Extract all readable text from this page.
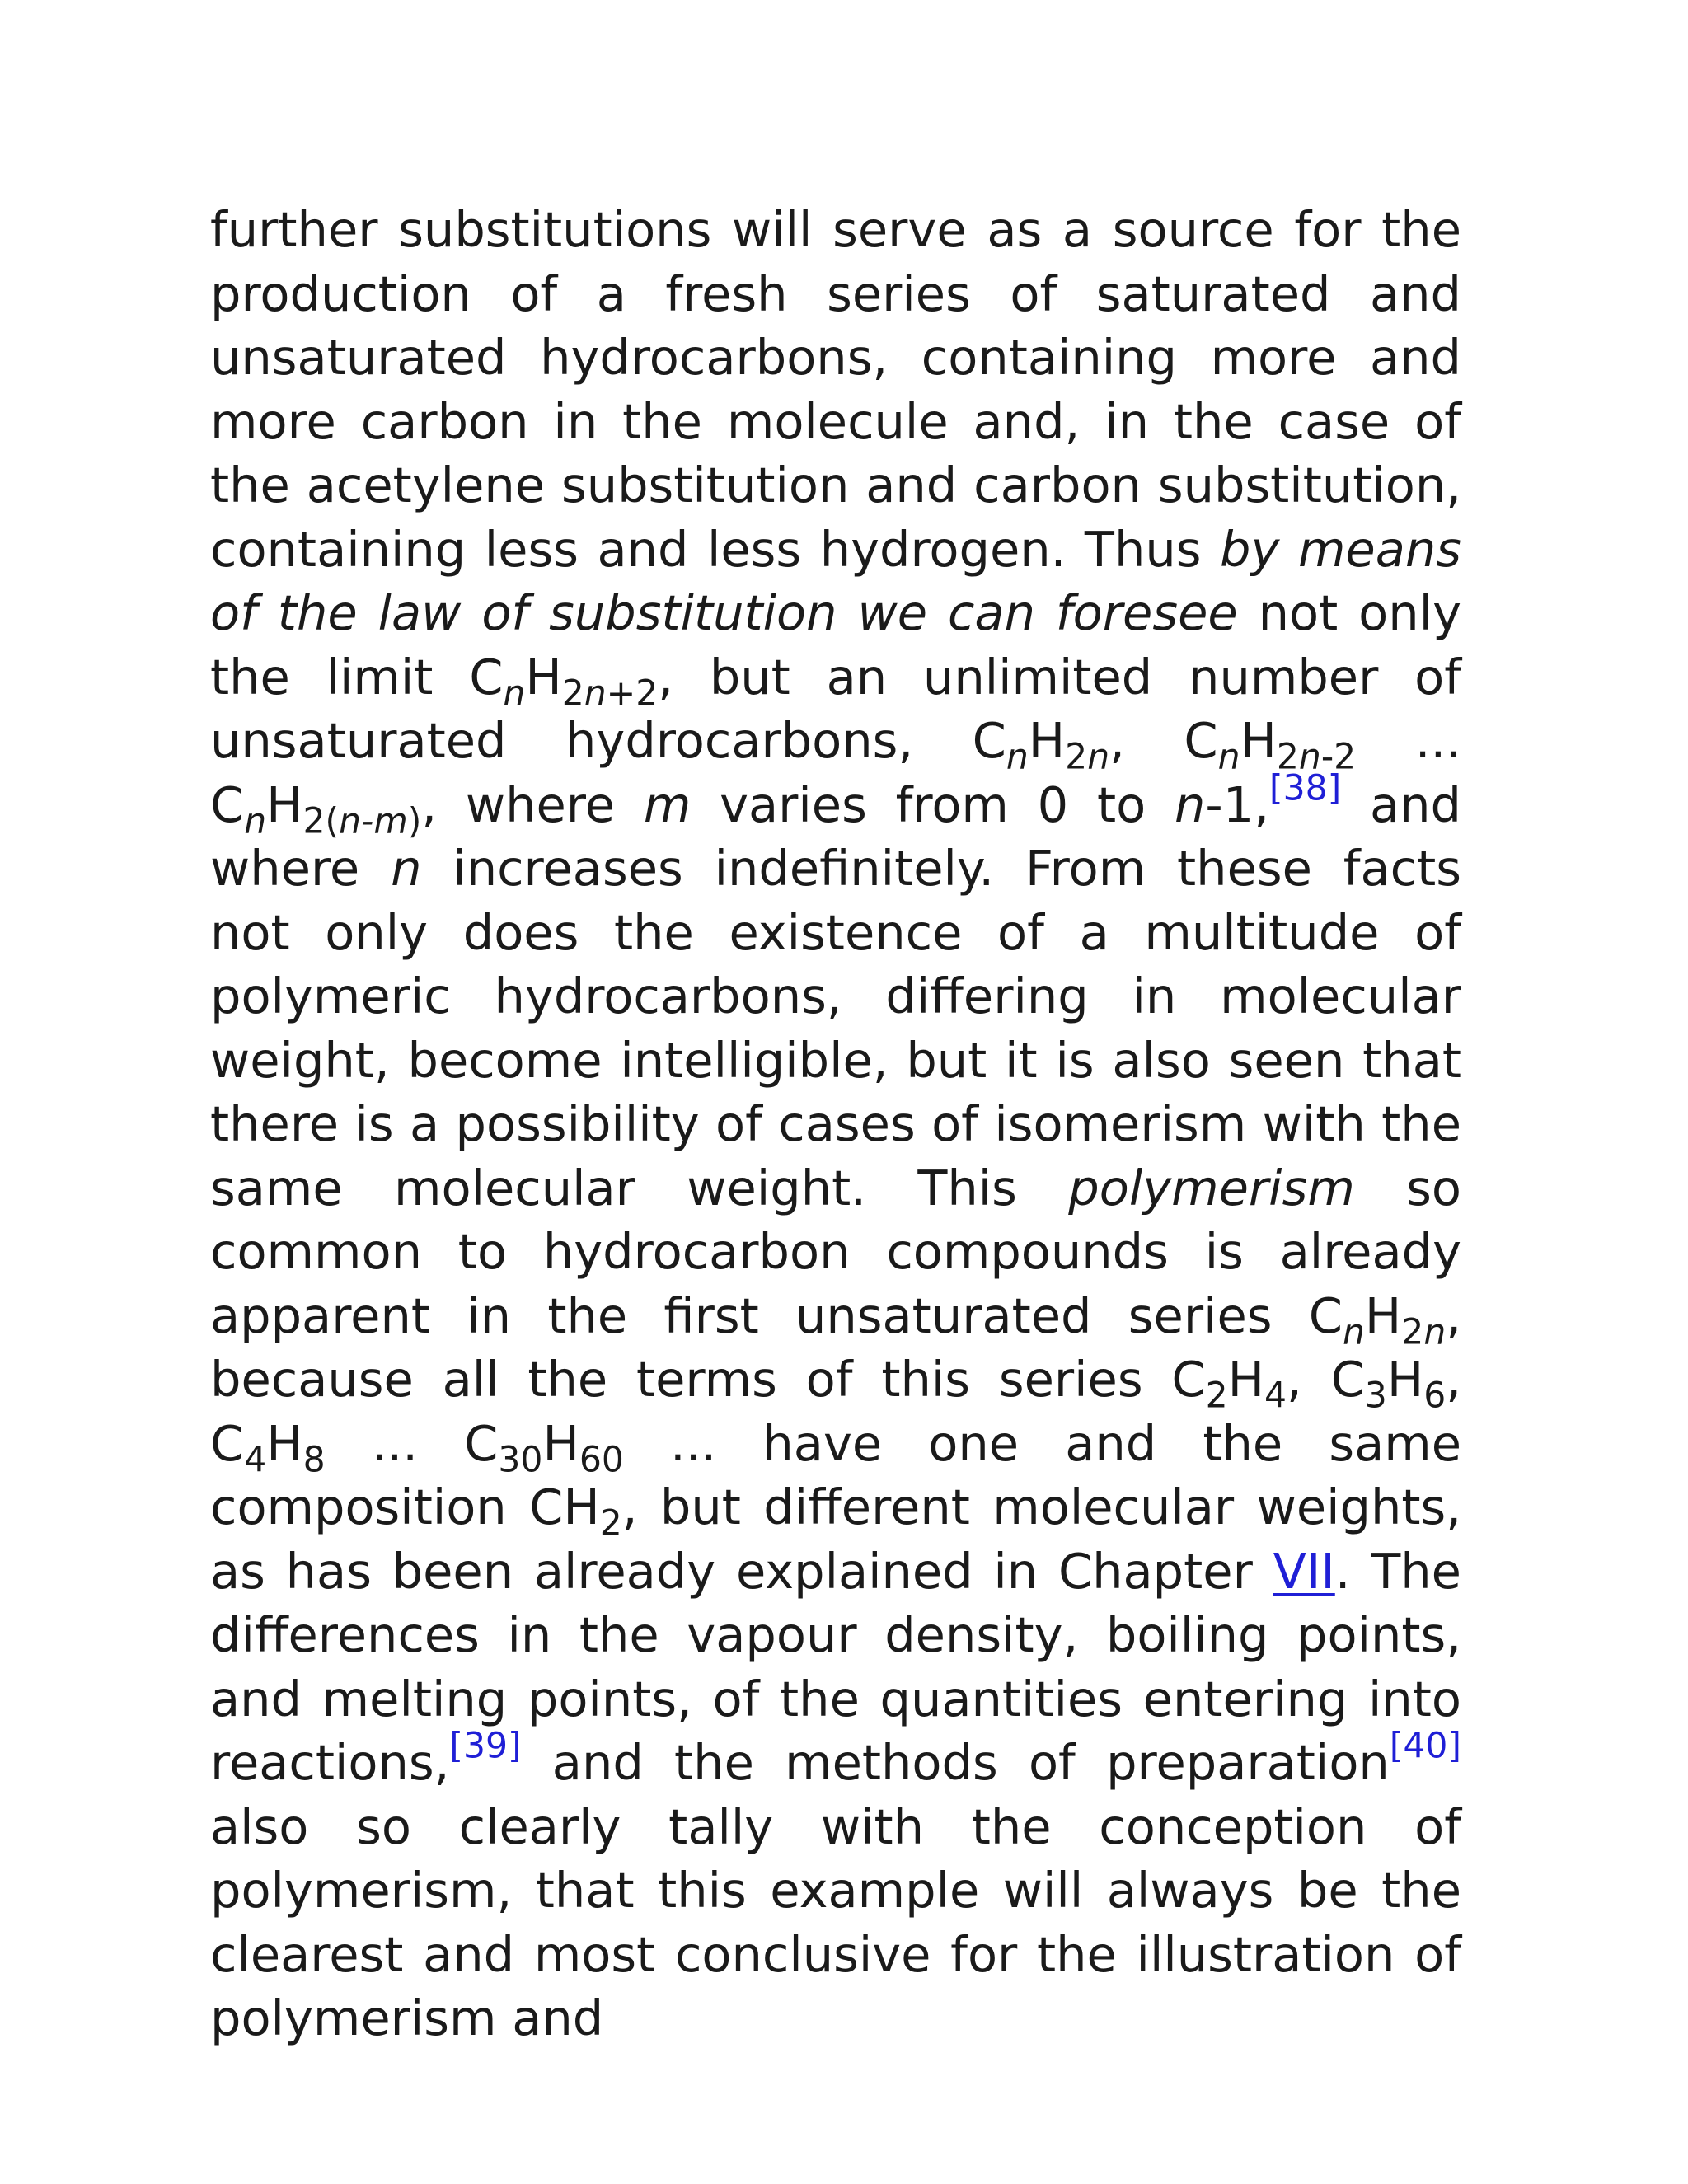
further substitutions will serve as a source for the production of a fresh series of saturated and unsaturated hydrocarbons, containing more and more carbon in the molecule and, in the case of the acetylene substitution and carbon substitution, containing less and less hydrogen. Thus by means of the law of substitution we can foresee not only the limit $C_nH_{2n+2}$, but an unlimited number of unsaturated hydrocarbons, $C_nH_{2n}$, $C_nH_{2n-2}$ ... $C_nH_{2(n-m)}$, where m varies from 0 to n-1,[38] and where n increases indefinitely. From these facts not only does the existence of a multitude of polymeric hydrocarbons, differing in molecular weight, become intelligible, but it is also seen that there is a possibility of cases of isomerism with the same molecular weight. This polymerism so common to hydrocarbon compounds is already apparent in the first unsaturated series $C_nH_{2n}$, because all the terms of this series $C_2H_4$, $C_3H_6$, $C_4H_8$ ... $C_{30}H_{60}$ ... have one and the same composition $CH_2$, but different molecular weights, as has been already explained in Chapter VII. The differences in the vapour density, boiling points, and melting points, of the quantities entering into reactions,[39] and the methods of preparation[40] also so clearly tally with the conception of polymerism, that this example will always be the clearest and most conclusive for the illustration of polymerism and
